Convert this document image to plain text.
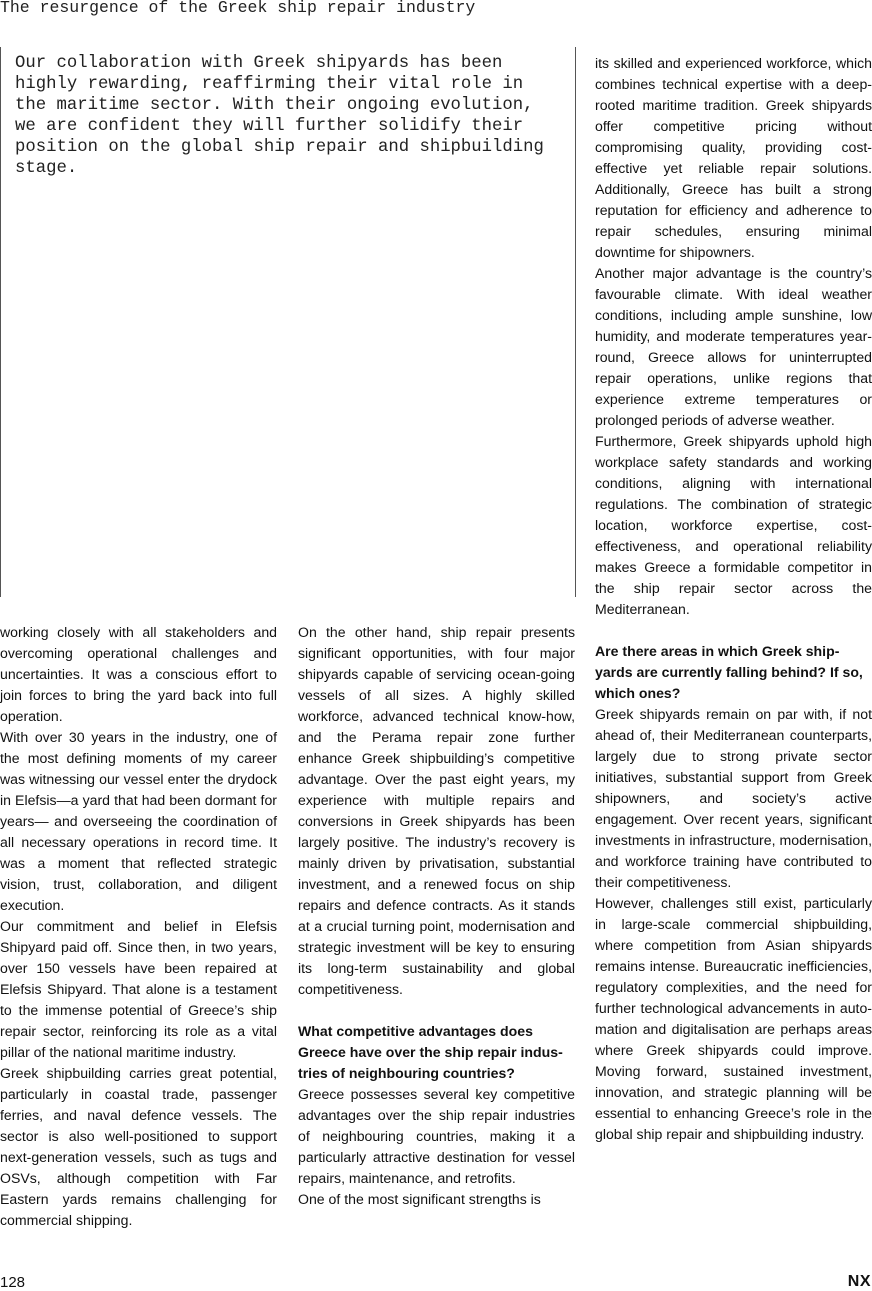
The resurgence of the Greek ship repair industry
Our collaboration with Greek shipyards has been highly rewarding, reaffirming their vital role in the maritime sector. With their ongoing evolution, we are confident they will further solidify their position on the global ship repair and shipbuilding stage.

working closely with all stakeholders and overcoming operational challenges and uncertainties. It was a conscious effort to join forces to bring the yard back into full operation.

With over 30 years in the industry, one of the most defining moments of my career was witnessing our vessel enter the drydock in Elefsis—a yard that had been dormant for years— and overseeing the coordination of all necessary operations in record time. It was a moment that reflected strategic vision, trust, collaboration, and diligent execution.

Our commitment and belief in Elefsis Shipyard paid off. Since then, in two years, over 150 vessels have been repaired at Elefsis Shipyard. That alone is a testament to the immense potential of Greece’s ship repair sector, reinforcing its role as a vital pillar of the national maritime industry.

Greek shipbuilding carries great potential, particularly in coastal trade, passenger ferries, and naval defence vessels. The sector is also well-positioned to support next-generation vessels, such as tugs and OSVs, although competition with Far Eastern yards remains challenging for commercial shipping.

On the other hand, ship repair presents significant opportunities, with four major shipyards capable of servicing ocean-going vessels of all sizes. A highly skilled workforce, advanced technical know-how, and the Perama repair zone further enhance Greek shipbuilding’s competitive advantage. Over the past eight years, my experience with multiple repairs and conversions in Greek shipyards has been largely positive. The industry’s recovery is mainly driven by privatisation, substantial investment, and a renewed focus on ship repairs and defence contracts. As it stands at a crucial turning point, modernisation and strategic investment will be key to ensuring its long-term sustainability and global competitiveness.

What competitive advantages does Greece have over the ship repair industries of neighbouring countries?

Greece possesses several key competitive advantages over the ship repair industries of neighbouring countries, making it a particularly attractive destination for vessel repairs, maintenance, and retrofits.

One of the most significant strengths is

its skilled and experienced workforce, which combines technical expertise with a deep-rooted maritime tradition. Greek shipyards offer competitive pricing without compromising quality, providing cost-effective yet reliable repair solutions. Additionally, Greece has built a strong reputation for efficiency and adherence to repair schedules, ensuring minimal downtime for shipowners.

Another major advantage is the country’s favourable climate. With ideal weather conditions, including ample sunshine, low humidity, and moderate temperatures year-round, Greece allows for uninterrupted repair operations, unlike regions that experience extreme temperatures or prolonged periods of adverse weather.

Furthermore, Greek shipyards uphold high workplace safety standards and working conditions, aligning with international regulations. The combination of strategic location, workforce expertise, cost-effectiveness, and operational reliability makes Greece a formidable competitor in the ship repair sector across the Mediterranean.

Are there areas in which Greek shipyards are currently falling behind? If so, which ones?

Greek shipyards remain on par with, if not ahead of, their Mediterranean counterparts, largely due to strong private sector initiatives, substantial support from Greek shipowners, and society’s active engagement. Over recent years, significant investments in infrastructure, modernisation, and workforce training have contributed to their competitiveness.

However, challenges still exist, particularly in large-scale commercial shipbuilding, where competition from Asian shipyards remains intense. Bureaucratic inefficiencies, regulatory complexities, and the need for further technological advancements in automation and digitalisation are perhaps areas where Greek shipyards could improve. Moving forward, sustained investment, innovation, and strategic planning will be essential to enhancing Greece’s role in the global ship repair and shipbuilding industry.

128	NX
